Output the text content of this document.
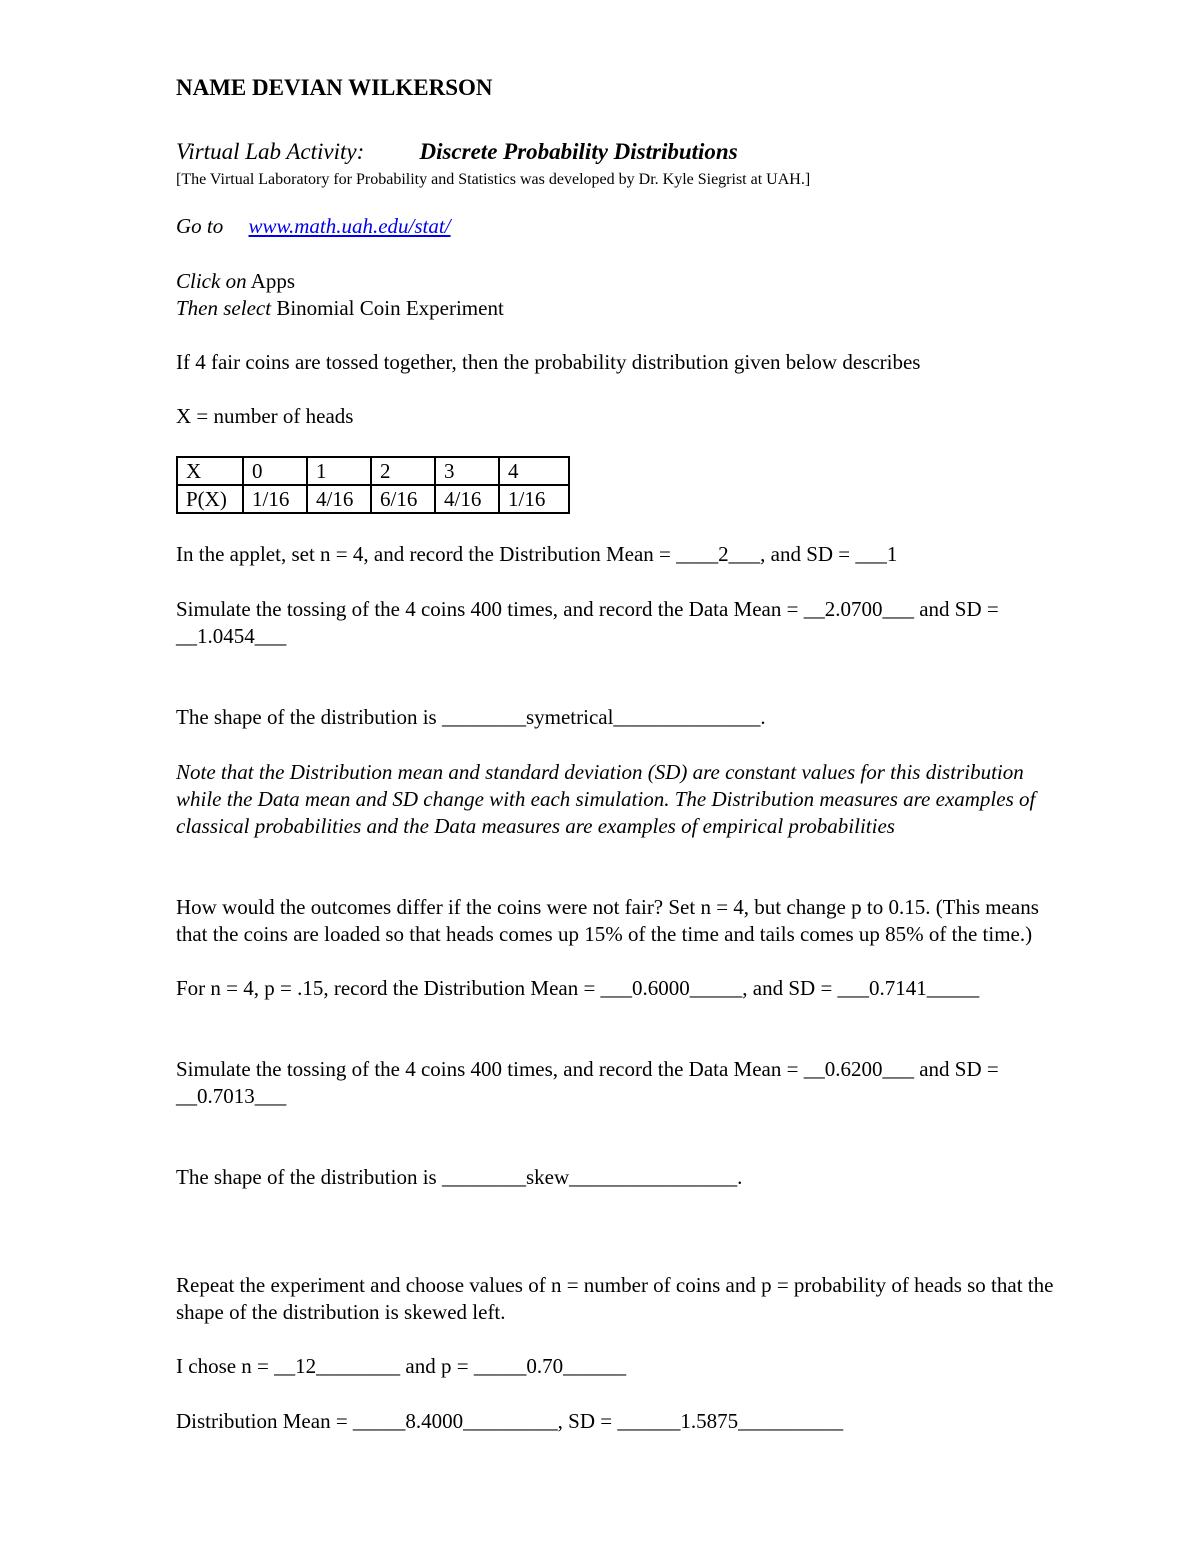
NAME DEVIAN WILKERSON
Virtual Lab Activity: Discrete Probability Distributions
[The Virtual Laboratory for Probability and Statistics was developed by Dr. Kyle Siegrist at UAH.]
Go to www.math.uah.edu/stat/
Click on Apps
Then select Binomial Coin Experiment
If 4 fair coins are tossed together, then the probability distribution given below describes
X = number of heads
X	0	1	2	3	4
P(X)	1/16	4/16	6/16	4/16	1/16
In the applet, set n = 4, and record the Distribution Mean = ____2___, and SD = ___1
Simulate the tossing of the 4 coins 400 times, and record the Data Mean = __2.0700___ and SD =
__1.0454___
The shape of the distribution is ________symetrical______________.
Note that the Distribution mean and standard deviation (SD) are constant values for this distribution
while the Data mean and SD change with each simulation. The Distribution measures are examples of
classical probabilities and the Data measures are examples of empirical probabilities
How would the outcomes differ if the coins were not fair? Set n = 4, but change p to 0.15. (This means
that the coins are loaded so that heads comes up 15% of the time and tails comes up 85% of the time.)
For n = 4, p = .15, record the Distribution Mean = ___0.6000_____, and SD = ___0.7141_____
Simulate the tossing of the 4 coins 400 times, and record the Data Mean = __0.6200___ and SD =
__0.7013___
The shape of the distribution is ________skew________________.
Repeat the experiment and choose values of n = number of coins and p = probability of heads so that the
shape of the distribution is skewed left.
I chose n = __12________ and p = _____0.70______
Distribution Mean = _____8.4000_________, SD = ______1.5875__________
